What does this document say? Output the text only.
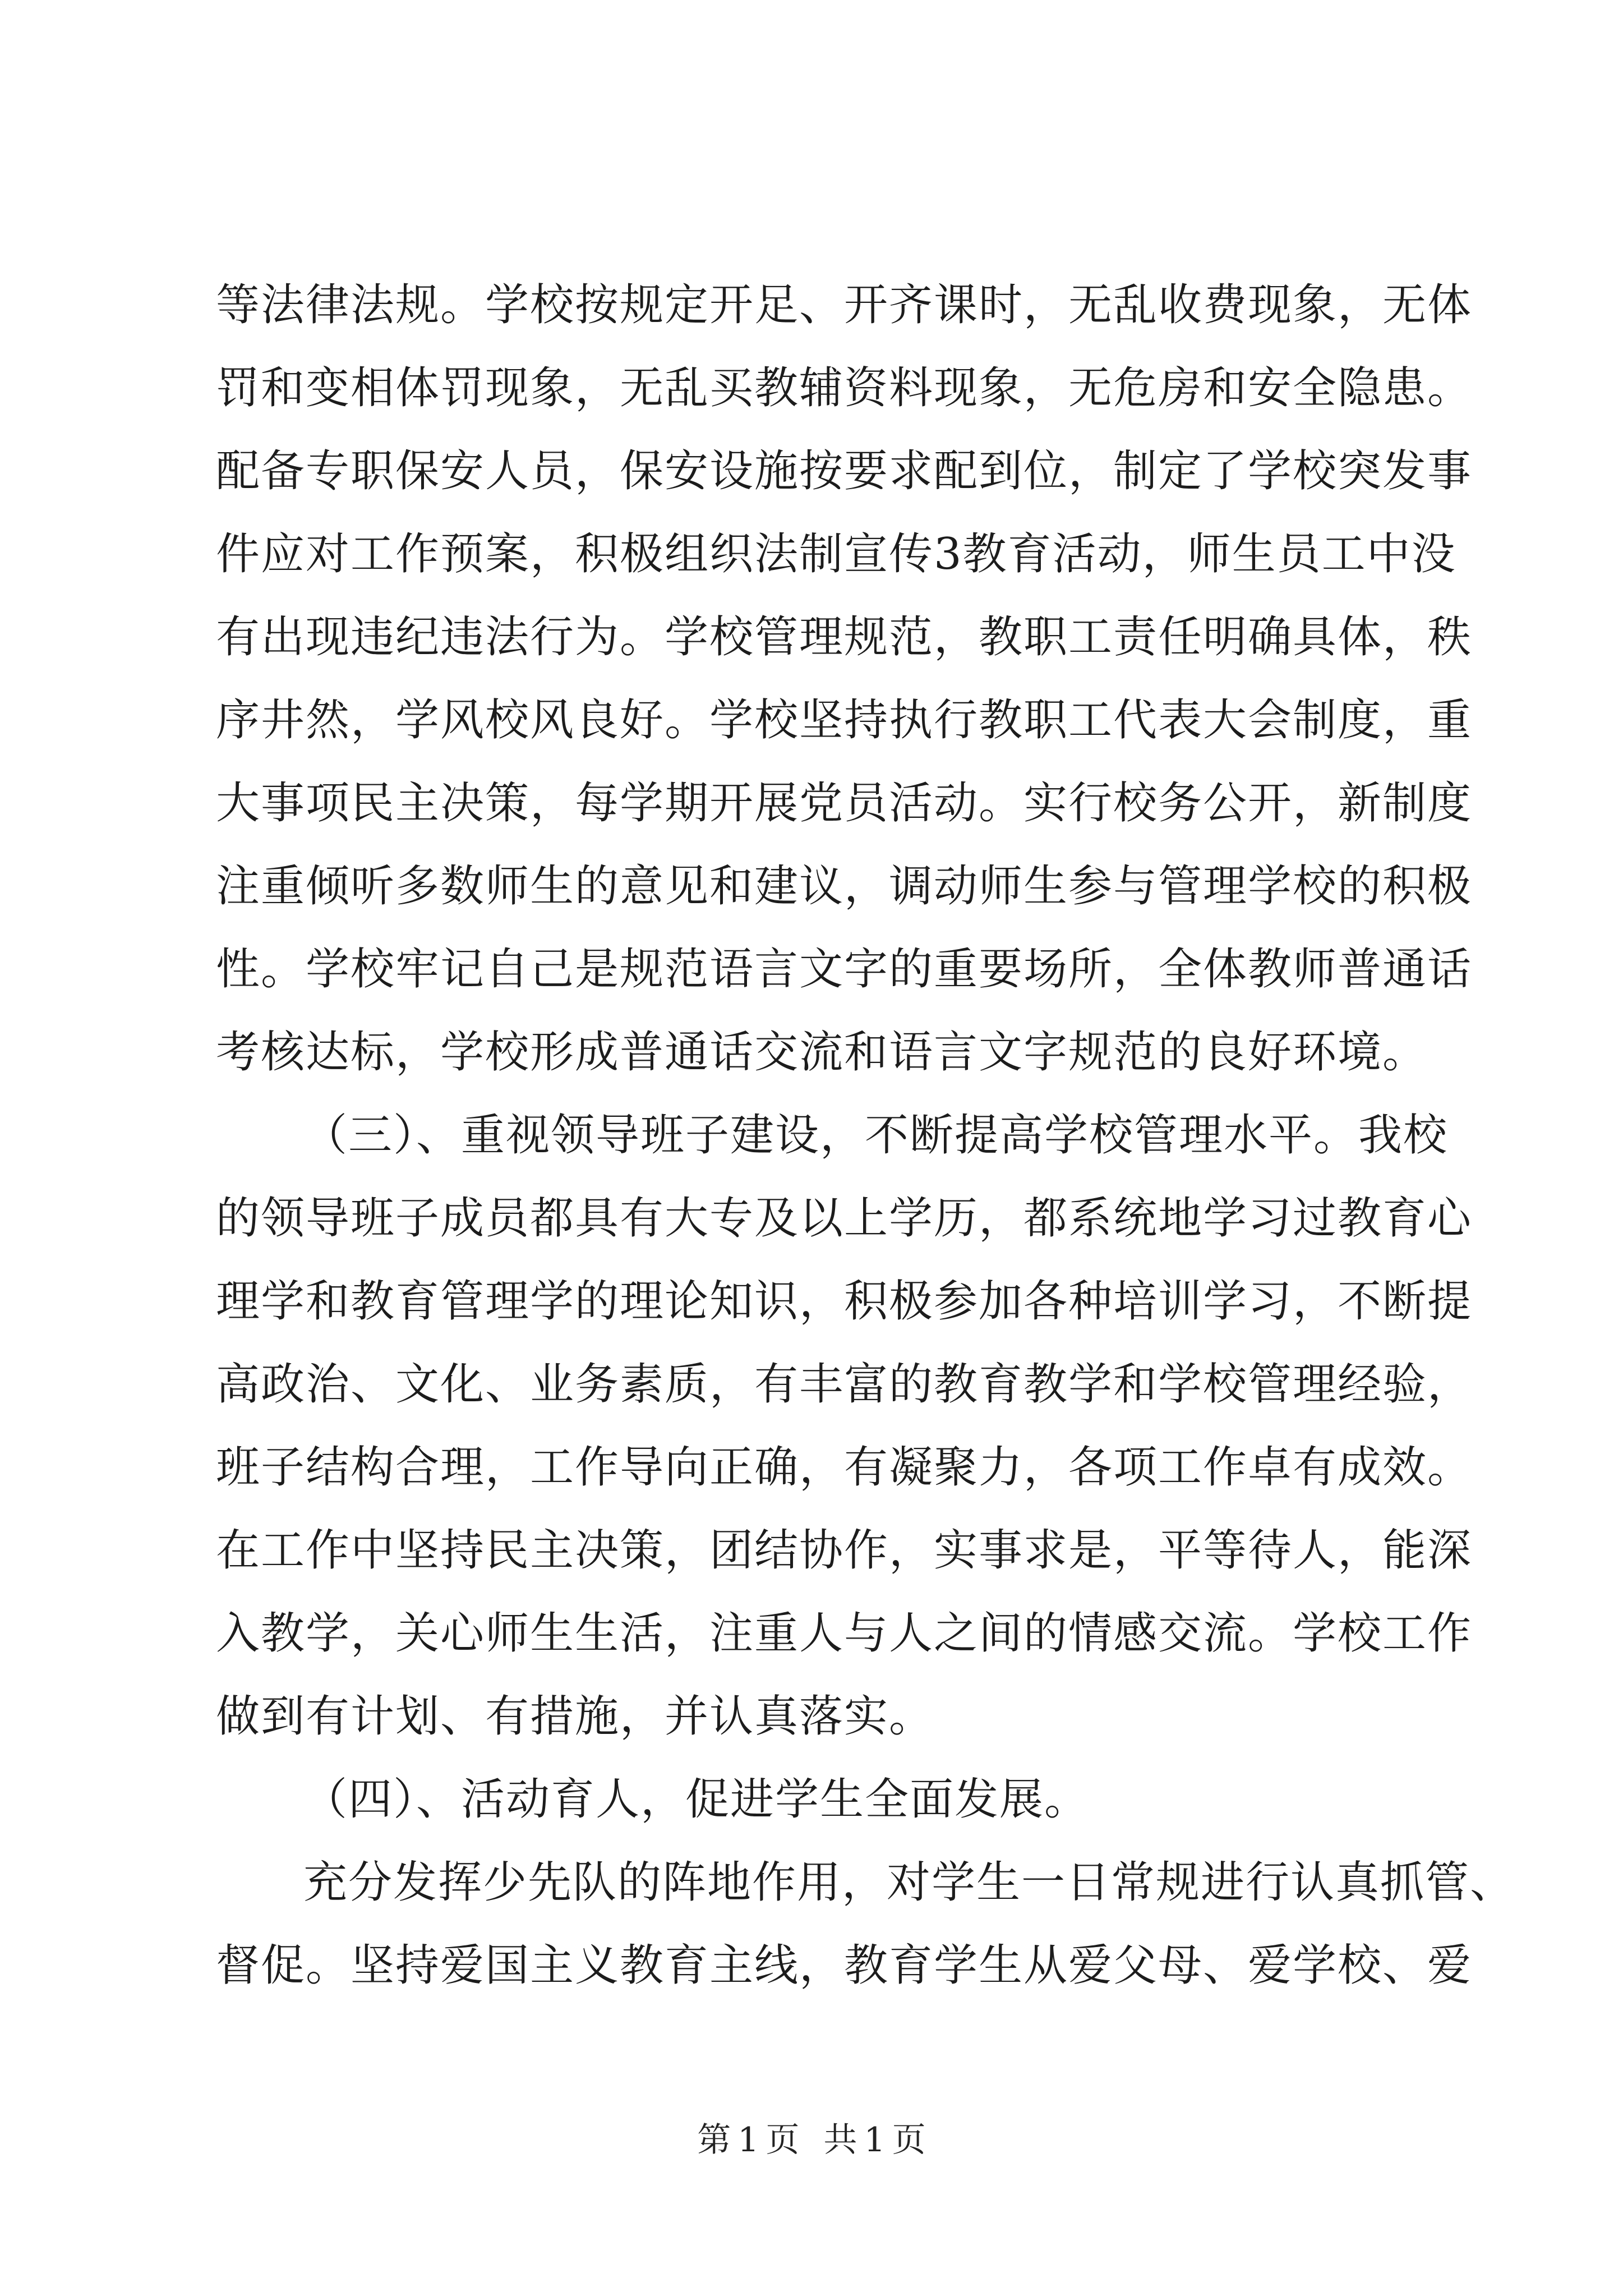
等法律法规。学校按规定开足、开齐课时，无乱收费现象，无体
罚和变相体罚现象，无乱买教辅资料现象，无危房和安全隐患。
配备专职保安人员，保安设施按要求配到位，制定了学校突发事
件应对工作预案，积极组织法制宣传3教育活动，师生员工中没
有出现违纪违法行为。学校管理规范，教职工责任明确具体，秩
序井然，学风校风良好。学校坚持执行教职工代表大会制度，重
大事项民主决策，每学期开展党员活动。实行校务公开，新制度
注重倾听多数师生的意见和建议，调动师生参与管理学校的积极
性。学校牢记自己是规范语言文字的重要场所，全体教师普通话
考核达标，学校形成普通话交流和语言文字规范的良好环境。
（三）、重视领导班子建设，不断提高学校管理水平。我校
的领导班子成员都具有大专及以上学历，都系统地学习过教育心
理学和教育管理学的理论知识，积极参加各种培训学习，不断提
高政治、文化、业务素质，有丰富的教育教学和学校管理经验，
班子结构合理，工作导向正确，有凝聚力，各项工作卓有成效。
在工作中坚持民主决策，团结协作，实事求是，平等待人，能深
入教学，关心师生生活，注重人与人之间的情感交流。学校工作
做到有计划、有措施，并认真落实。
（四）、活动育人，促进学生全面发展。
充分发挥少先队的阵地作用，对学生一日常规进行认真抓管、
督促。坚持爱国主义教育主线，教育学生从爱父母、爱学校、爱
第 1 页 共 1 页
